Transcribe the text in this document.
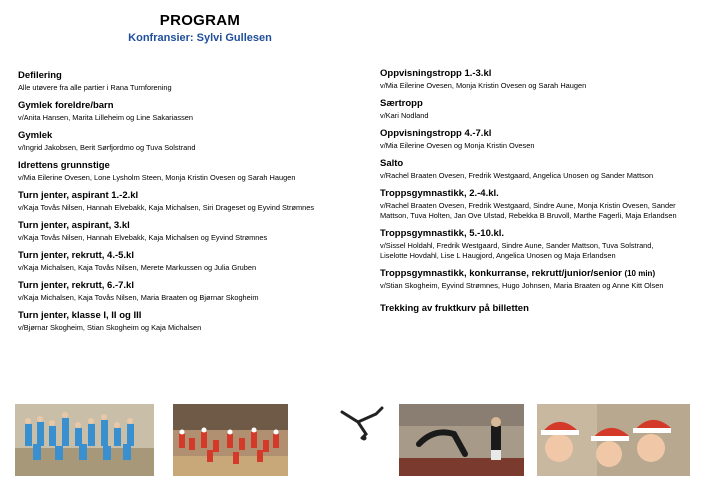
PROGRAM
Konfransier: Sylvi Gullesen
Defilering
Alle utøvere fra alle partier i Rana Turnforening
Gymlek foreldre/barn
v/Anita Hansen, Marita Lilleheim og Line Sakariassen
Gymlek
v/Ingrid Jakobsen, Berit Sørfjordmo og Tuva Solstrand
Idrettens grunnstige
v/Mia Eilerine Ovesen, Lone Lysholm Steen, Monja Kristin Ovesen og Sarah Haugen
Turn jenter, aspirant 1.-2.kl
v/Kaja Tovås Nilsen, Hannah Elvebakk, Kaja Michalsen, Siri Drageset og Eyvind Strømnes
Turn jenter, aspirant, 3.kl
v/Kaja Tovås Nilsen, Hannah Elvebakk, Kaja Michalsen og Eyvind Strømnes
Turn jenter, rekrutt, 4.-5.kl
v/Kaja Michalsen, Kaja Tovås Nilsen, Merete Markussen og Julia Gruben
Turn jenter, rekrutt, 6.-7.kl
v/Kaja Michalsen, Kaja Tovås Nilsen, Maria Braaten og Bjørnar Skogheim
Turn jenter, klasse I, II og III
v/Bjørnar Skogheim, Stian Skogheim og Kaja Michalsen
Oppvisningstropp 1.-3.kl
v/Mia Eilerine Ovesen, Monja Kristin Ovesen og Sarah Haugen
Særtropp
v/Kari Nodland
Oppvisningstropp 4.-7.kl
v/Mia Eilerine Ovesen og Monja Kristin Ovesen
Salto
v/Rachel Braaten Ovesen, Fredrik Westgaard, Angelica Unosen og Sander Mattson
Troppsgymnastikk, 2.-4.kl.
v/Rachel Braaten Ovesen, Fredrik Westgaard, Sindre Aune, Monja Kristin Ovesen, Sander Mattson, Tuva Holten, Jan Ove Ulstad, Rebekka B Bruvoll, Marthe Fagerli, Maja Erlandsen
Troppsgymnastikk, 5.-10.kl.
v/Sissel Holdahl, Fredrik Westgaard, Sindre Aune, Sander Mattson, Tuva Solstrand, Liselotte Hovdahl, Lise L Haugjord, Angelica Unosen og Maja Erlandsen
Troppsgymnastikk, konkurranse, rekrutt/junior/senior (10 min)
v/Stian Skogheim, Eyvind Strømnes, Hugo Johnsen, Maria Braaten og Anne Kitt Olsen
Trekking av fruktkurv på billetten
